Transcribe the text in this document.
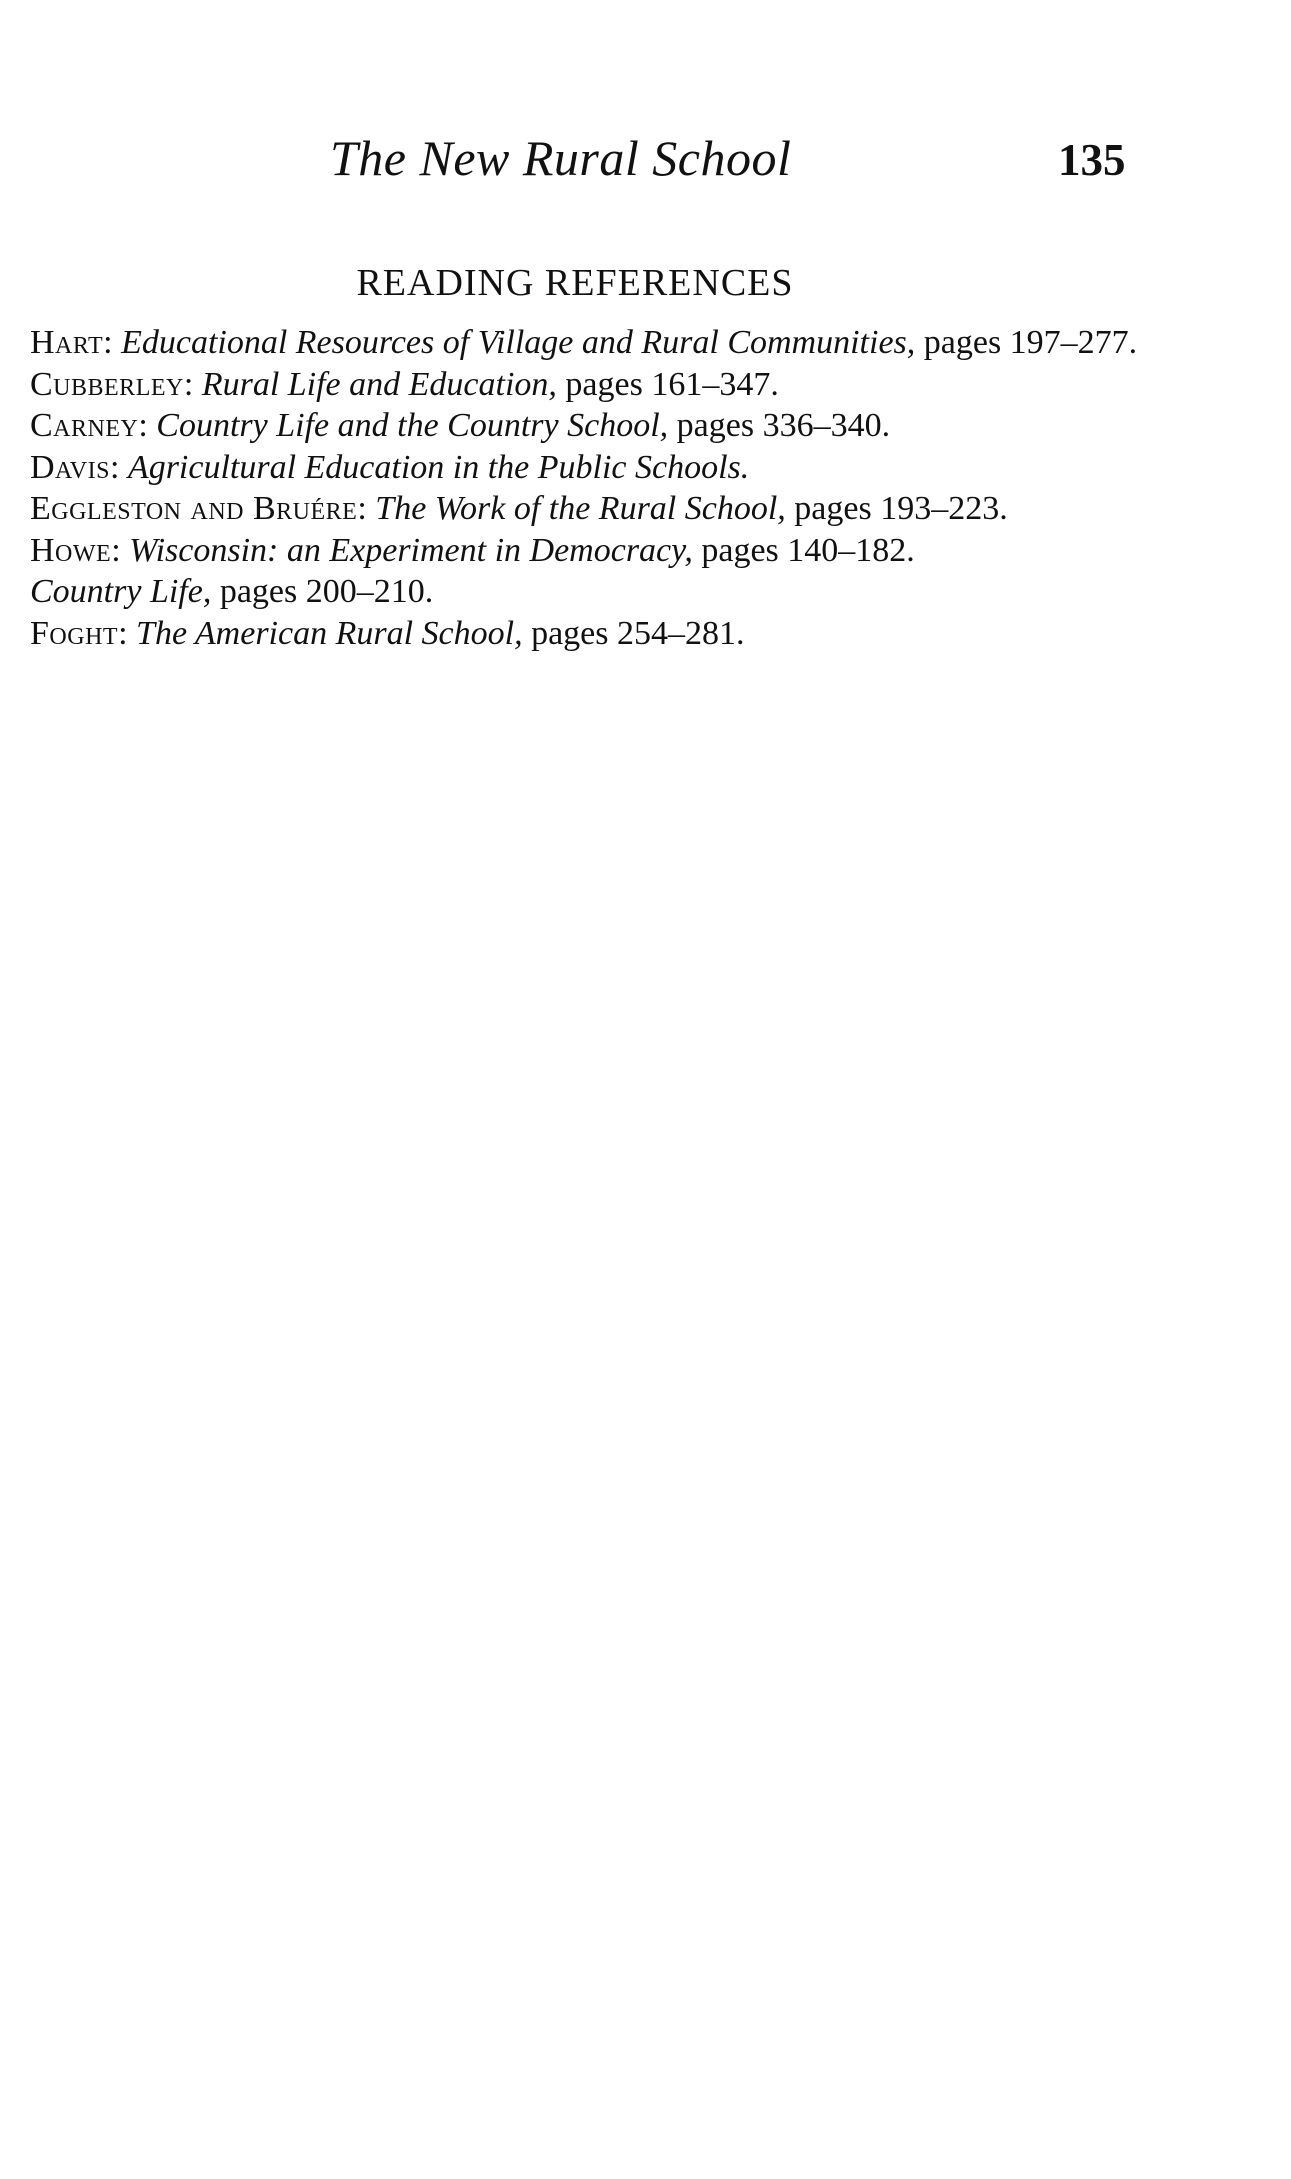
The New Rural School	135
READING REFERENCES
Hart: Educational Resources of Village and Rural Communities, pages 197–277.
Cubberley: Rural Life and Education, pages 161–347.
Carney: Country Life and the Country School, pages 336–340.
Davis: Agricultural Education in the Public Schools.
Eggleston and Bruére: The Work of the Rural School, pages 193–223.
Howe: Wisconsin: an Experiment in Democracy, pages 140–182.
Country Life, pages 200–210.
Foght: The American Rural School, pages 254–281.
